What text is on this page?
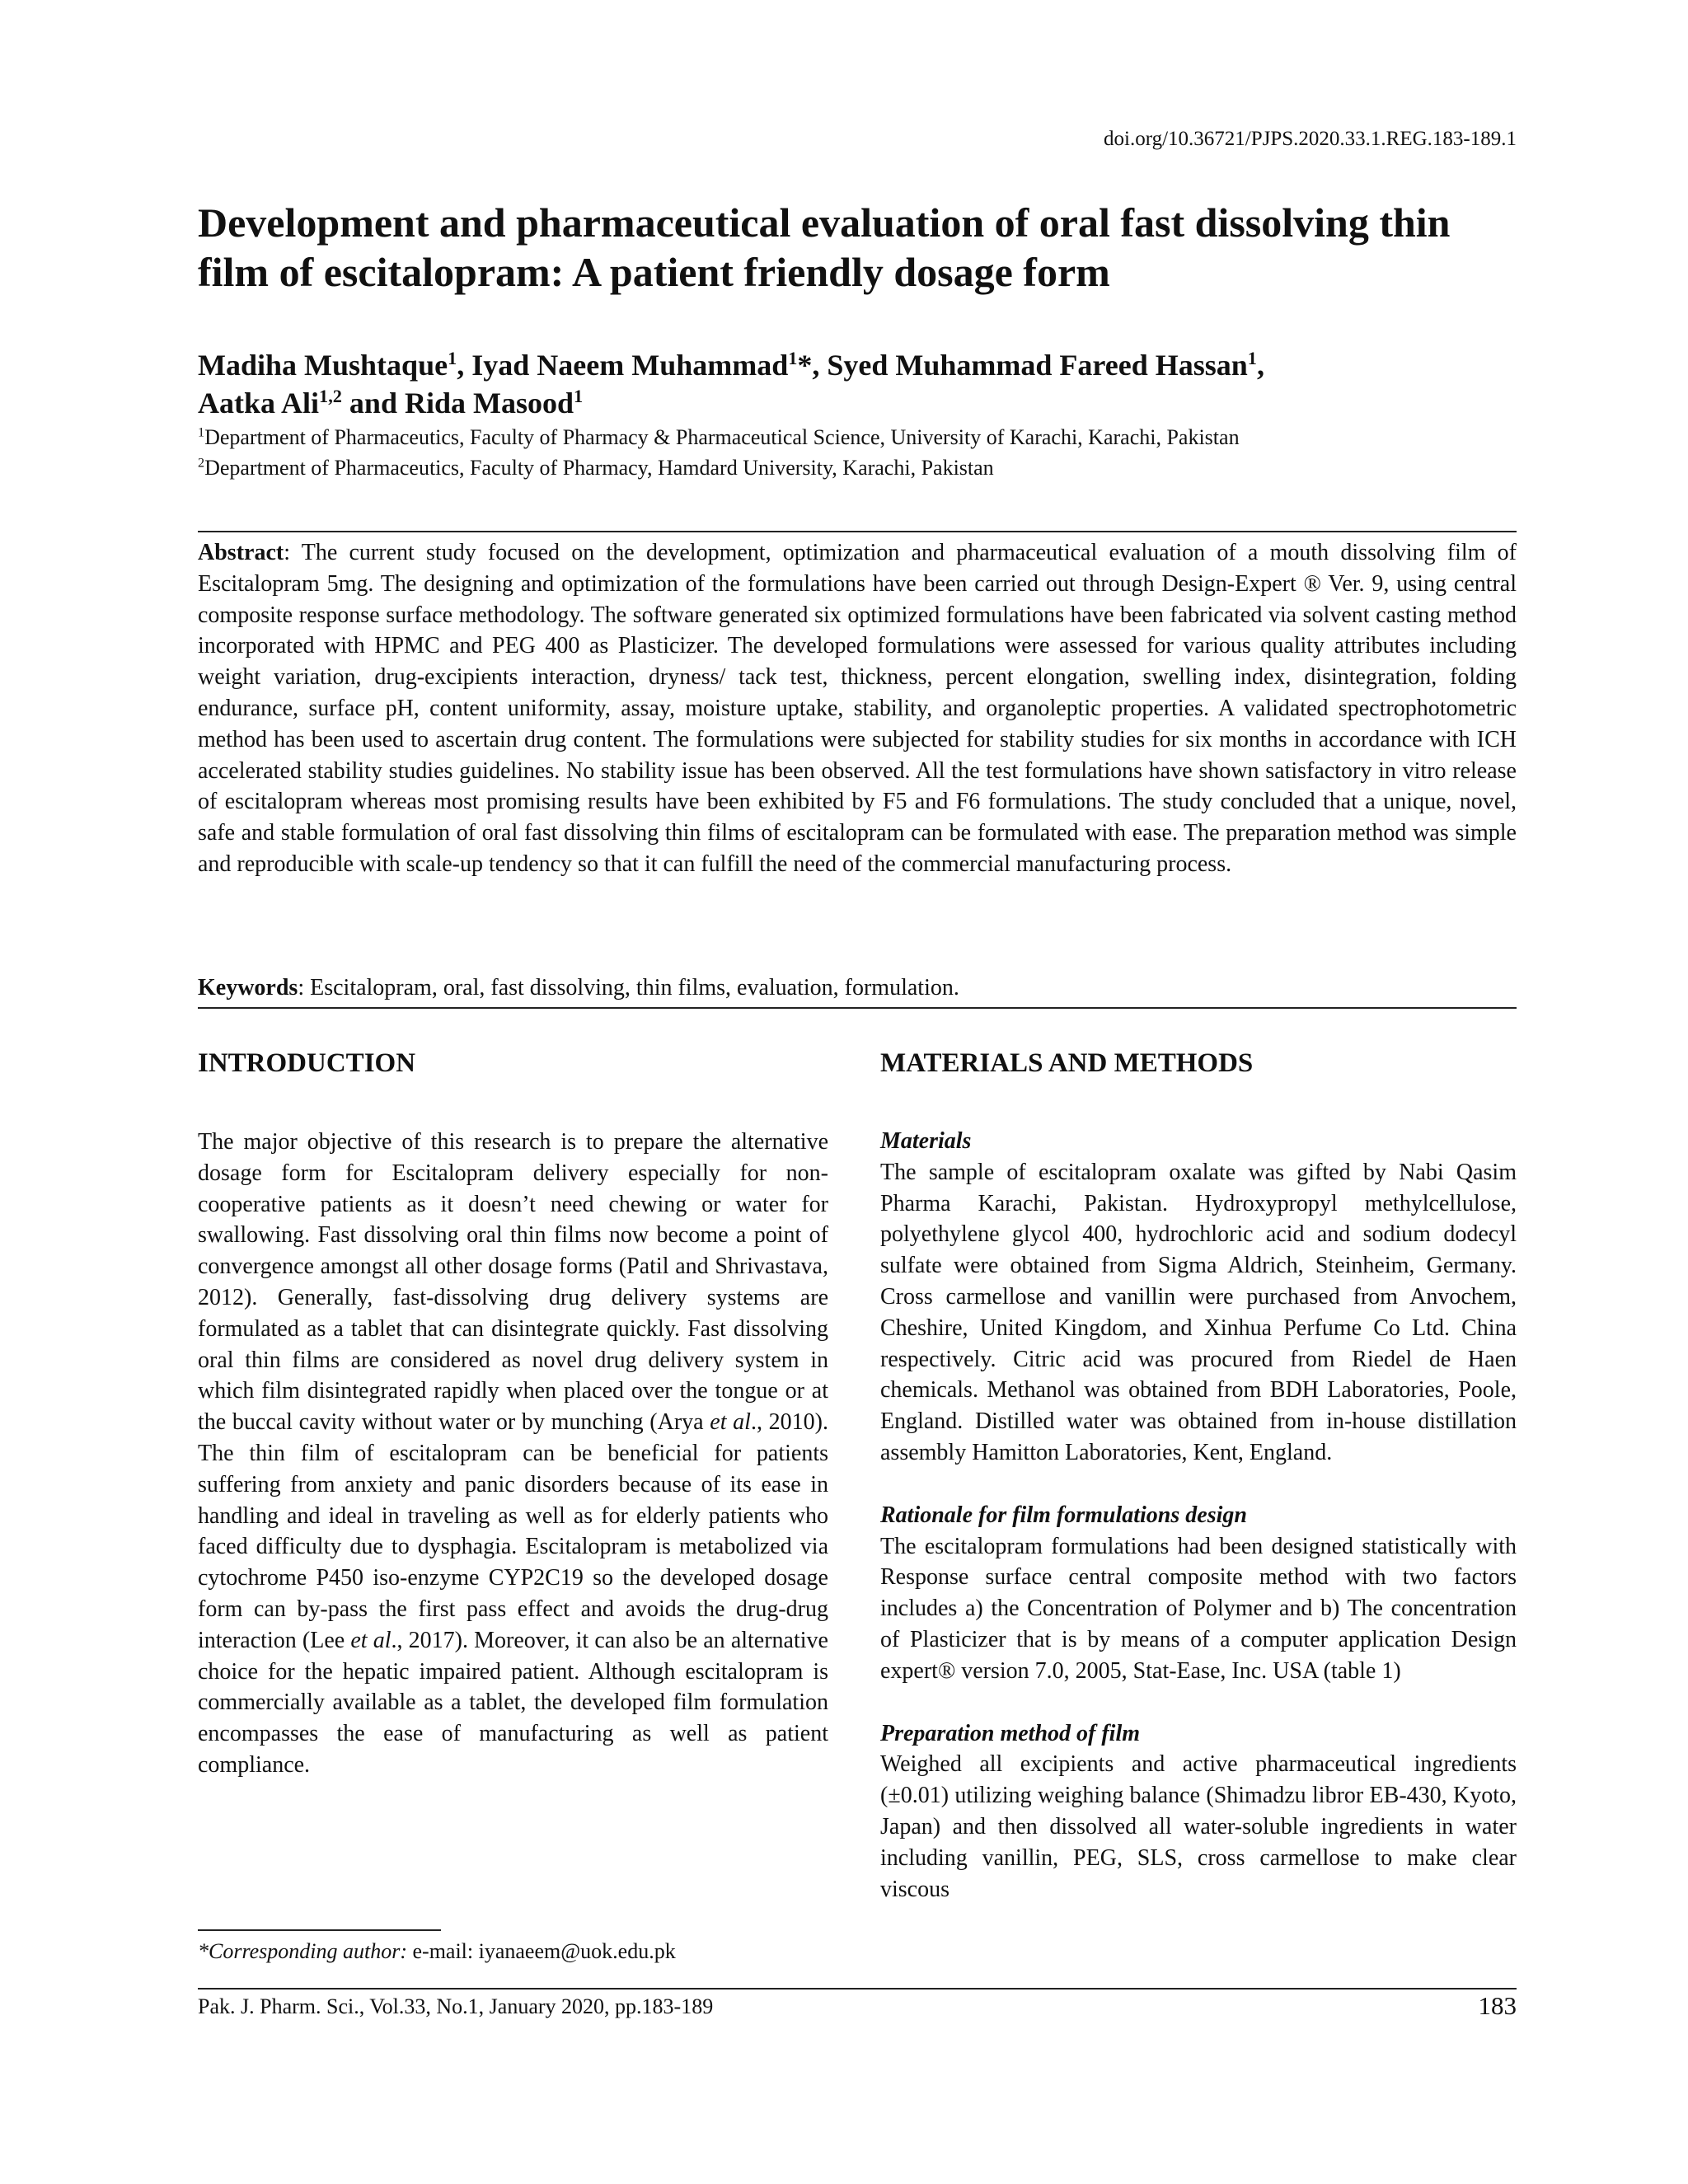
doi.org/10.36721/PJPS.2020.33.1.REG.183-189.1
Development and pharmaceutical evaluation of oral fast dissolving thin film of escitalopram: A patient friendly dosage form
Madiha Mushtaque$^1$, Iyad Naeem Muhammad$^1$*, Syed Muhammad Fareed Hassan$^1$,
Aatka Ali$^{1,2}$ and Rida Masood$^1$
$^1$Department of Pharmaceutics, Faculty of Pharmacy & Pharmaceutical Science, University of Karachi, Karachi, Pakistan
$^2$Department of Pharmaceutics, Faculty of Pharmacy, Hamdard University, Karachi, Pakistan
Abstract: The current study focused on the development, optimization and pharmaceutical evaluation of a mouth dissolving film of Escitalopram 5mg. The designing and optimization of the formulations have been carried out through Design-Expert ® Ver. 9, using central composite response surface methodology. The software generated six optimized formulations have been fabricated via solvent casting method incorporated with HPMC and PEG 400 as Plasticizer. The developed formulations were assessed for various quality attributes including weight variation, drug-excipients interaction, dryness/ tack test, thickness, percent elongation, swelling index, disintegration, folding endurance, surface pH, content uniformity, assay, moisture uptake, stability, and organoleptic properties. A validated spectrophotometric method has been used to ascertain drug content. The formulations were subjected for stability studies for six months in accordance with ICH accelerated stability studies guidelines. No stability issue has been observed. All the test formulations have shown satisfactory in vitro release of escitalopram whereas most promising results have been exhibited by F5 and F6 formulations. The study concluded that a unique, novel, safe and stable formulation of oral fast dissolving thin films of escitalopram can be formulated with ease. The preparation method was simple and reproducible with scale-up tendency so that it can fulfill the need of the commercial manufacturing process.
Keywords: Escitalopram, oral, fast dissolving, thin films, evaluation, formulation.
INTRODUCTION

The major objective of this research is to prepare the alternative dosage form for Escitalopram delivery especially for non-cooperative patients as it doesn’t need chewing or water for swallowing. Fast dissolving oral thin films now become a point of convergence amongst all other dosage forms (Patil and Shrivastava, 2012). Generally, fast-dissolving drug delivery systems are formulated as a tablet that can disintegrate quickly. Fast dissolving oral thin films are considered as novel drug delivery system in which film disintegrated rapidly when placed over the tongue or at the buccal cavity without water or by munching (Arya et al., 2010). The thin film of escitalopram can be beneficial for patients suffering from anxiety and panic disorders because of its ease in handling and ideal in traveling as well as for elderly patients who faced difficulty due to dysphagia. Escitalopram is metabolized via cytochrome P450 iso-enzyme CYP2C19 so the developed dosage form can by-pass the first pass effect and avoids the drug-drug interaction (Lee et al., 2017). Moreover, it can also be an alternative choice for the hepatic impaired patient. Although escitalopram is commercially available as a tablet, the developed film formulation encompasses the ease of manufacturing as well as patient compliance.

MATERIALS AND METHODS

Materials

The sample of escitalopram oxalate was gifted by Nabi Qasim Pharma Karachi, Pakistan. Hydroxypropyl methylcellulose, polyethylene glycol 400, hydrochloric acid and sodium dodecyl sulfate were obtained from Sigma Aldrich, Steinheim, Germany. Cross carmellose and vanillin were purchased from Anvochem, Cheshire, United Kingdom, and Xinhua Perfume Co Ltd. China respectively. Citric acid was procured from Riedel de Haen chemicals. Methanol was obtained from BDH Laboratories, Poole, England. Distilled water was obtained from in-house distillation assembly Hamitton Laboratories, Kent, England.

Rationale for film formulations design

The escitalopram formulations had been designed statistically with Response surface central composite method with two factors includes a) the Concentration of Polymer and b) The concentration of Plasticizer that is by means of a computer application Design expert® version 7.0, 2005, Stat-Ease, Inc. USA (table 1)

Preparation method of film

Weighed all excipients and active pharmaceutical ingredients (±0.01) utilizing weighing balance (Shimadzu libror EB-430, Kyoto, Japan) and then dissolved all water-soluble ingredients in water including vanillin, PEG, SLS, cross carmellose to make clear viscous

*Corresponding author: e-mail: iyanaeem@uok.edu.pk
Pak. J. Pharm. Sci., Vol.33, No.1, January 2020, pp.183-189	183
